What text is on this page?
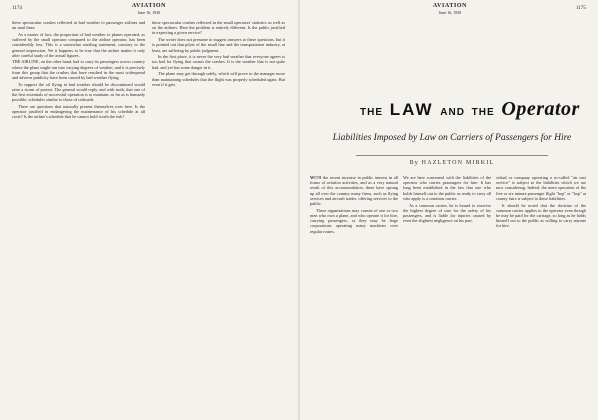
1174	AVIATION
June 16, 1930

these spectacular crashes reflected in bad weather to passenger airlines and air mail lines.

As a matter of fact, the proportion of bad weather to planes operated, as suffered by the small operator compared to the airline operator, has been considerably less. This is a somewhat startling statement, contrary to the general impression. Yet it happens to be true that the airline makes it only after careful study of the actual figures.

THE AIRLINE, on the other hand, had to carry its passengers across country where the plane might run into varying degrees of weather, and it is precisely from this group that the crashes that have resulted in the most widespread and adverse publicity have been caused by bad weather flying.

To support the oil flying in bad weather should be discontinued would raise a storm of protest. The general would reply, and with truth, that one of the first essentials of successful operation is to maintain, as far as is humanly possible, schedules similar to those of railroads.

There are questions that naturally present themselves over here. Is the operator justified in endangering the maintenance of his schedule at all costs? Is the airline's schedule that he cannot hold worth the risk?

these spectacular crashes reflected in the small operators' statistics as well as on the airlines. Here the problem is entirely different. Is the public justified in expecting a given service?

The writer does not presume to suggest answers to these questions, but it is pointed out that pilots of the small line and the transportation industry, at least, are suffering by public judgment.

In the first place, it is never the very bad weather that everyone agrees is too bad for flying that causes the crashes. It is the weather that is not quite bad, and yet has some danger in it.

The plane may get through safely, which will prove to the manager more than maintaining schedules that the flight was properly scheduled again. But even if it gets

AVIATION
June 16, 1930
1175
THE LAW AND THE Operator
Liabilities Imposed by Law on Carriers of Passengers for Hire
By HAZLETON MIRKIL

WITH the recent increase in public interest in all forms of aviation activities, and as a very natural result of this accommodation, there have sprung up all over the country many firms, such as flying services and aircraft trades, offering services to the public.

These organizations may consist of one or two men who own a plane, and who operate it for hire, carrying passengers, or they may be large corporations operating many machines over regular routes.

We are here concerned with the liabilities of the operator who carries passengers for hire. It has long been established in the law that one who holds himself out to the public as ready to carry all who apply is a common carrier.

As a common carrier, he is bound to exercise the highest degree of care for the safety of his passengers, and is liable for injuries caused by even the slightest negligence on his part.

vidual or company operating a so-called "air taxi service" is subject to the liabilities which we are now considering. Indeed, the mere operation of the five or six minute passenger flight "hop" or "hop" at county fairs is subject to these liabilities.

It should be noted that the doctrine of the common carrier applies to the operator even though he may be paid for the carriage, so long as he holds himself out to the public as willing to carry anyone for hire.
